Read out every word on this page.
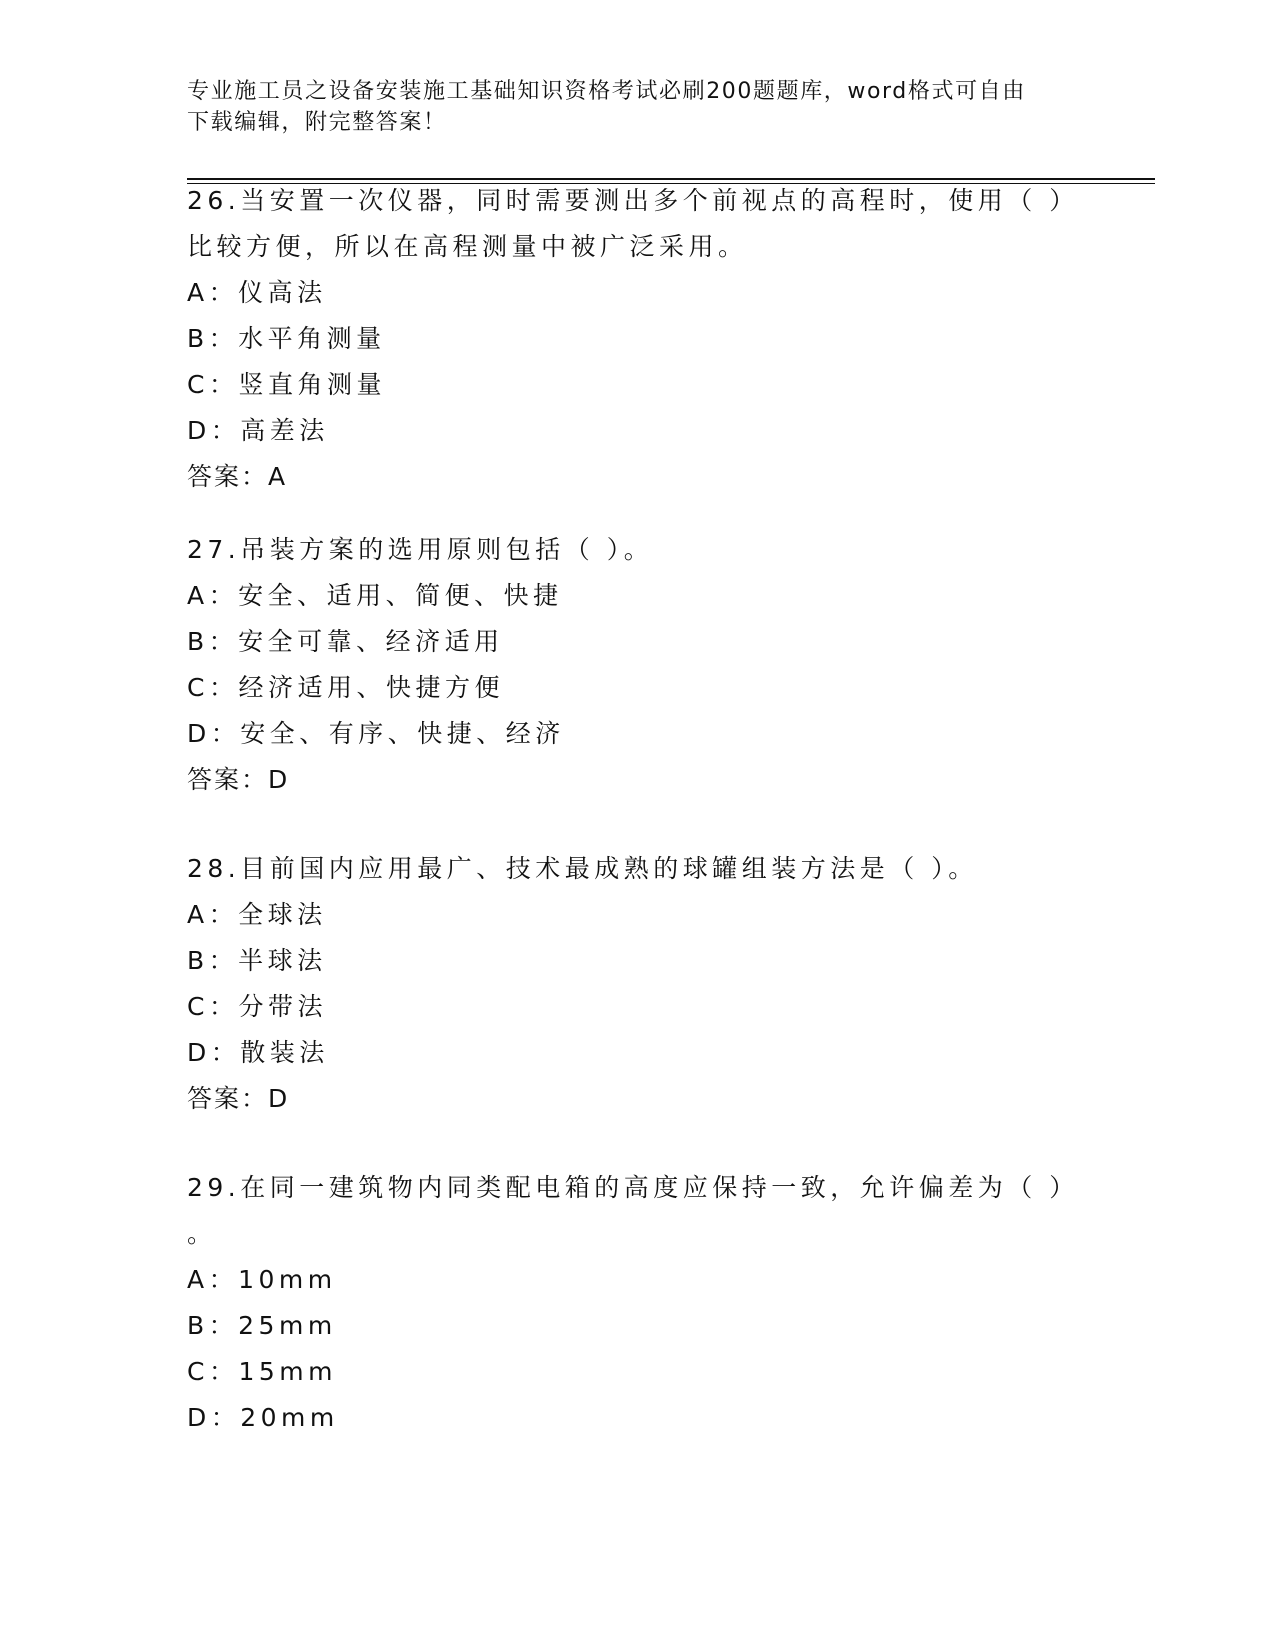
专业施工员之设备安装施工基础知识资格考试必刷200题题库，word格式可自由
下载编辑，附完整答案！

26.当安置一次仪器，同时需要测出多个前视点的高程时，使用（ ）

比较方便，所以在高程测量中被广泛采用。

A：仪高法

B：水平角测量

C：竖直角测量

D：高差法

答案：A

27.吊装方案的选用原则包括（ ）。

A：安全、适用、简便、快捷

B：安全可靠、经济适用

C：经济适用、快捷方便

D：安全、有序、快捷、经济

答案：D

28.目前国内应用最广、技术最成熟的球罐组装方法是（ ）。

A：全球法

B：半球法

C：分带法

D：散装法

答案：D

29.在同一建筑物内同类配电箱的高度应保持一致，允许偏差为（ ）

。

A：10mm

B：25mm

C：15mm

D：20mm
